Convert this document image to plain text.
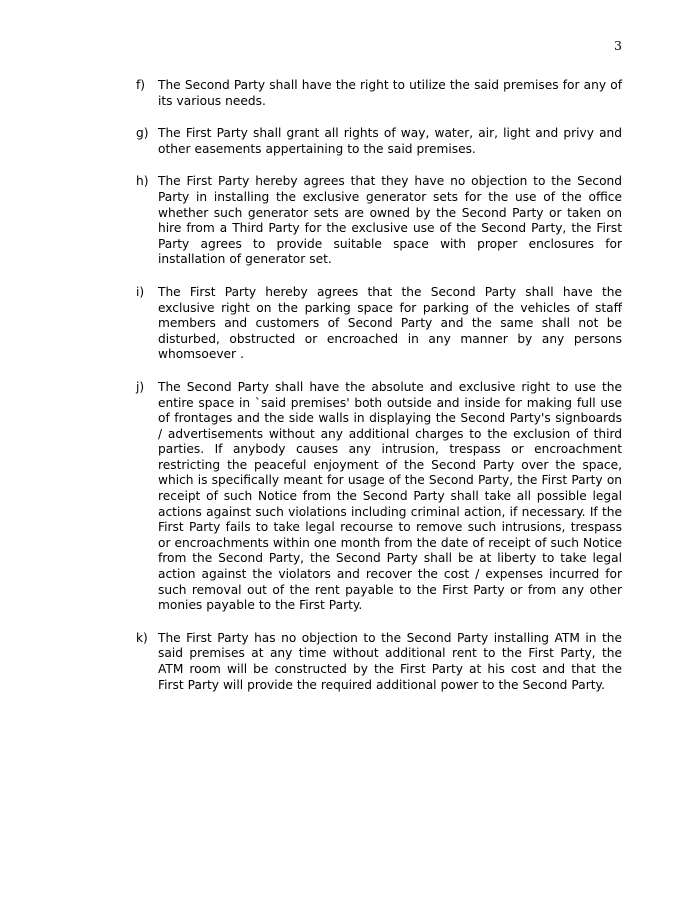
3
f)	The Second Party shall have the right to utilize the said premises for any of its various needs.
g) The First Party shall grant all rights of way, water, air, light and privy and other easements appertaining to the said premises.
h) The First Party hereby agrees that they have no objection to the Second Party in installing the exclusive generator sets for the use of the office whether such generator sets are owned by the Second Party or taken on hire from a Third Party for the exclusive use of the Second Party, the First Party agrees to provide suitable space with proper enclosures for installation of generator set.
i)	The First Party hereby agrees that the Second Party shall have the exclusive right on the parking space for parking of the vehicles of staff members and customers of Second Party and the same shall not be disturbed, obstructed or encroached in any manner by any persons whomsoever .
j)	The Second Party shall have the absolute and exclusive right to use the entire space in `said premises' both outside and inside for making full use of frontages and the side walls in displaying the Second Party's signboards / advertisements without any additional charges to the exclusion of third parties. If anybody causes any intrusion, trespass or encroachment restricting the peaceful enjoyment of the Second Party over the space, which is specifically meant for usage of the Second Party, the First Party on receipt of such Notice from the Second Party shall take all possible legal actions against such violations including criminal action, if necessary. If the First Party fails to take legal recourse to remove such intrusions, trespass or encroachments within one month from the date of receipt of such Notice from the Second Party, the Second Party shall be at liberty to take legal action against the violators and recover the cost / expenses incurred for such removal out of the rent payable to the First Party or from any other monies payable to the First Party.
k) The First Party has no objection to the Second Party installing ATM in the said premises at any time without additional rent to the First Party, the ATM room will be constructed by the First Party at his cost and that the First Party will provide the required additional power to the Second Party.
